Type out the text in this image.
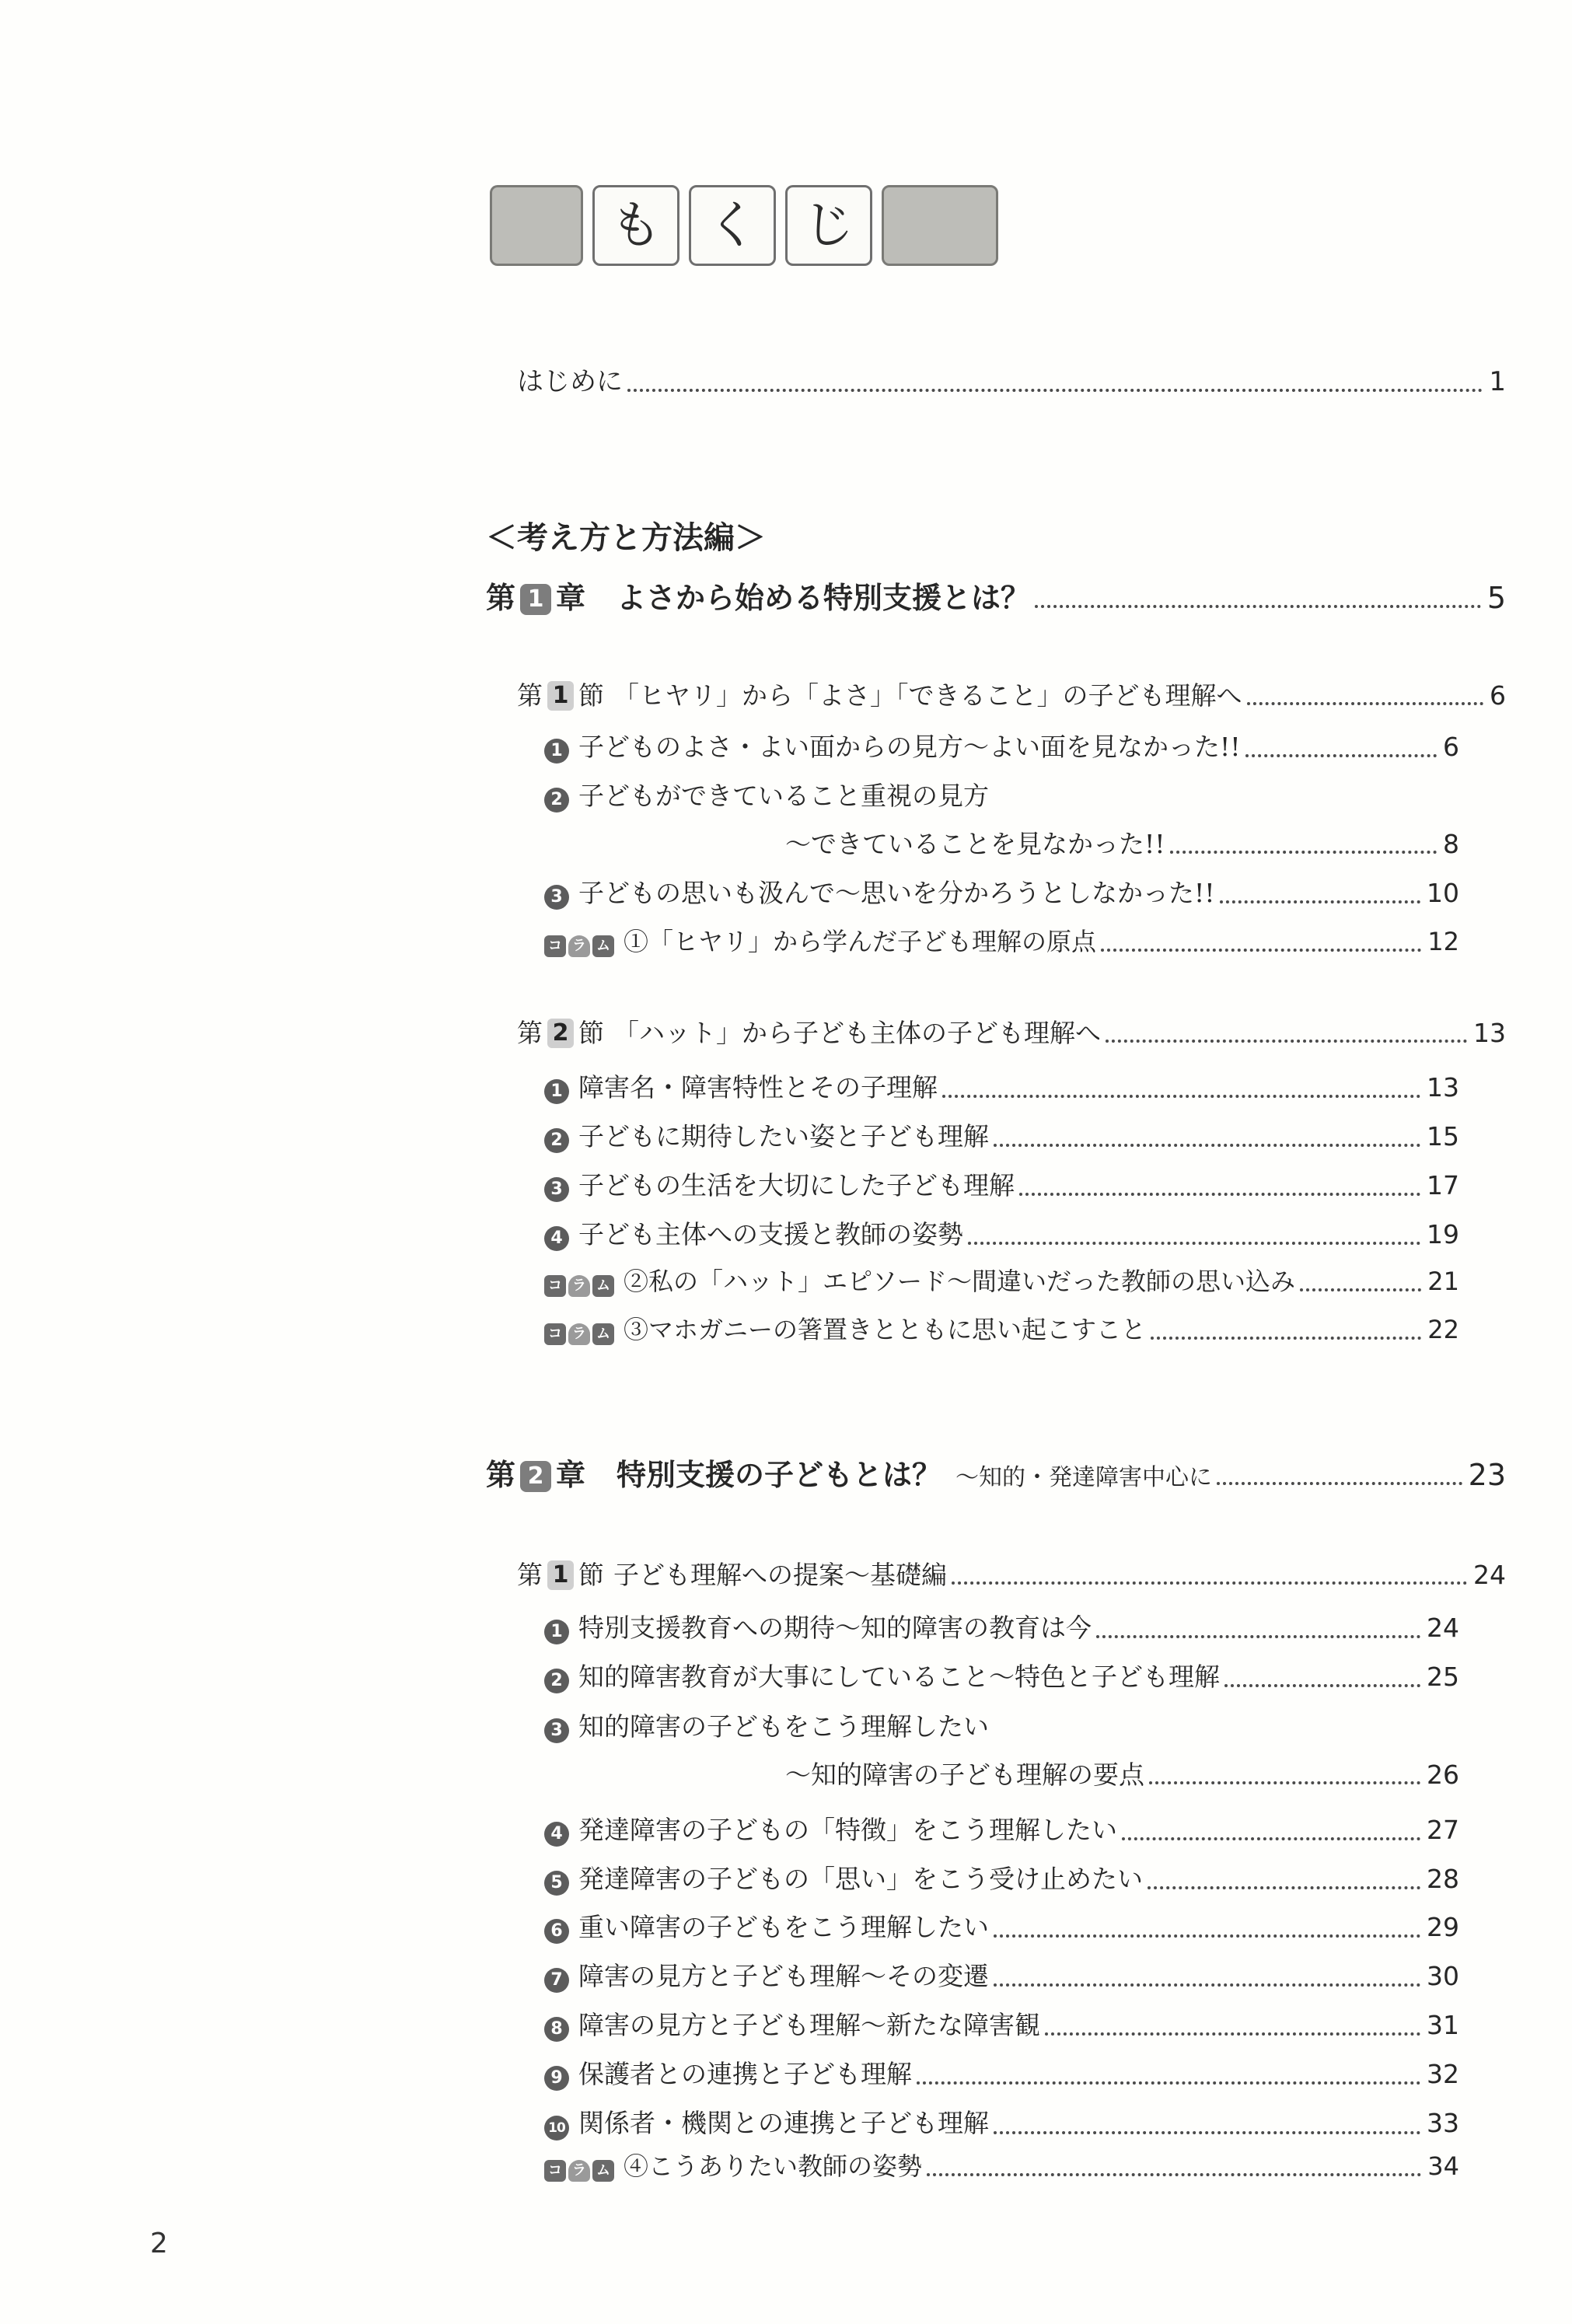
も く じ
はじめに	1
＜考え方と方法編＞
第 1 章 よさから始める特別支援とは？	5
第 1 節 「ヒヤリ」から「よさ」「できること」の子ども理解へ	6
1 子どものよさ・よい面からの見方～よい面を見なかった!!	6
2 子どもができていること重視の見方
～できていることを見なかった!!	8
3 子どもの思いも汲んで～思いを分かろうとしなかった!!	10
コ ラ ム ①「ヒヤリ」から学んだ子ども理解の原点	12
第 2 節 「ハット」から子ども主体の子ども理解へ	13
1 障害名・障害特性とその子理解	13
2 子どもに期待したい姿と子ども理解	15
3 子どもの生活を大切にした子ども理解	17
4 子ども主体への支援と教師の姿勢	19
コ ラ ム ②私の「ハット」エピソード～間違いだった教師の思い込み	21
コ ラ ム ③マホガニーの箸置きとともに思い起こすこと	22
第 2 章 特別支援の子どもとは？ ～知的・発達障害中心に	23
第 1 節 子ども理解への提案～基礎編	24
1 特別支援教育への期待～知的障害の教育は今	24
2 知的障害教育が大事にしていること～特色と子ども理解	25
3 知的障害の子どもをこう理解したい
～知的障害の子ども理解の要点	26
4 発達障害の子どもの「特徴」をこう理解したい	27
5 発達障害の子どもの「思い」をこう受け止めたい	28
6 重い障害の子どもをこう理解したい	29
7 障害の見方と子ども理解～その変遷	30
8 障害の見方と子ども理解～新たな障害観	31
9 保護者との連携と子ども理解	32
10 関係者・機関との連携と子ども理解	33
コ ラ ム ④こうありたい教師の姿勢	34
2
